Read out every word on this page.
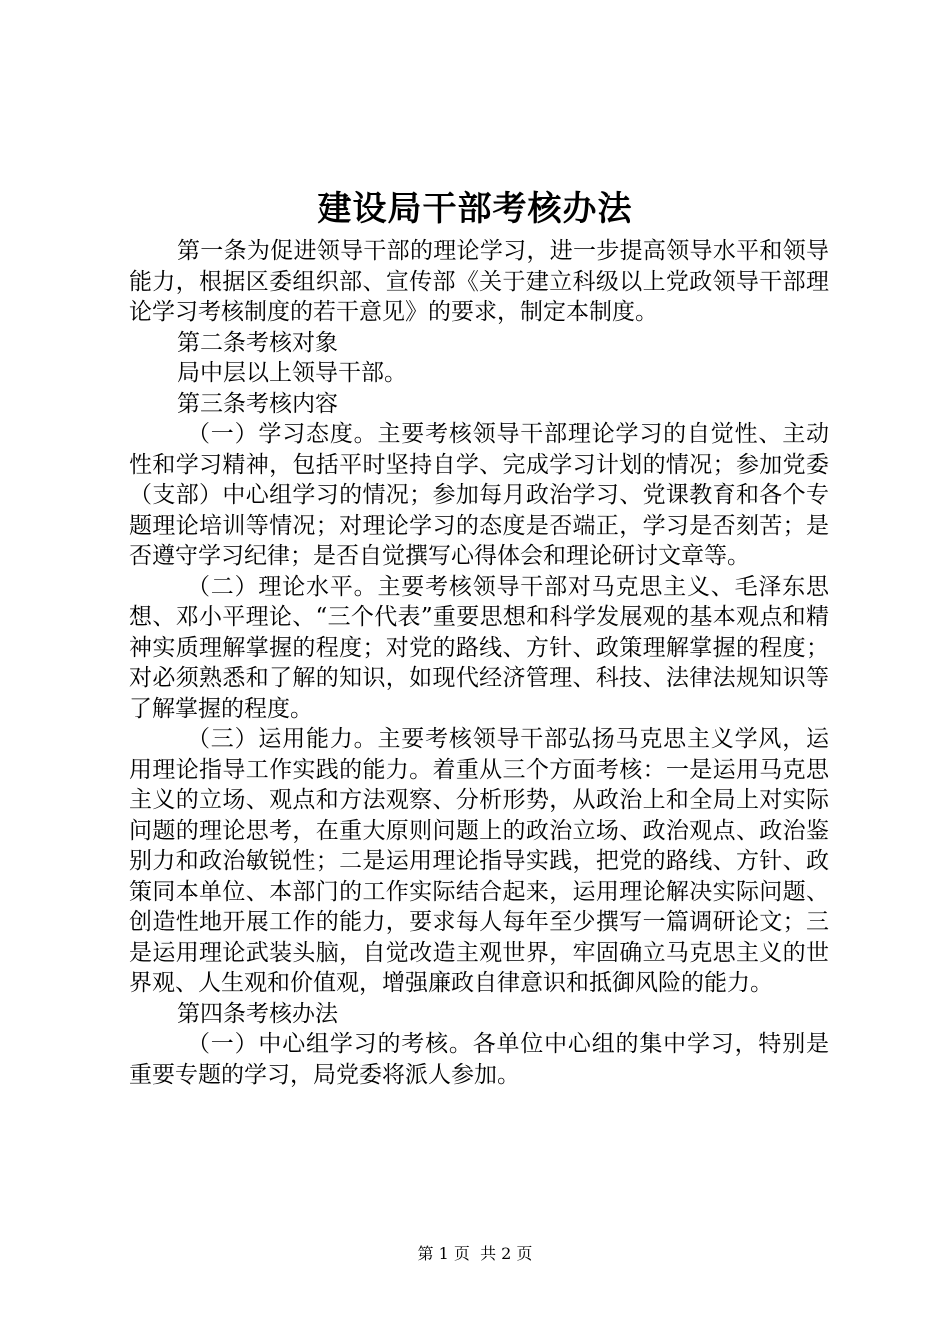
建设局干部考核办法

第一条为促进领导干部的理论学习，进一步提高领导水平和领导能力，根据区委组织部、宣传部《关于建立科级以上党政领导干部理论学习考核制度的若干意见》的要求，制定本制度。

第二条考核对象

局中层以上领导干部。

第三条考核内容

（一）学习态度。主要考核领导干部理论学习的自觉性、主动性和学习精神，包括平时坚持自学、完成学习计划的情况；参加党委（支部）中心组学习的情况；参加每月政治学习、党课教育和各个专题理论培训等情况；对理论学习的态度是否端正，学习是否刻苦；是否遵守学习纪律；是否自觉撰写心得体会和理论研讨文章等。

（二）理论水平。主要考核领导干部对马克思主义、毛泽东思想、邓小平理论、“三个代表”重要思想和科学发展观的基本观点和精神实质理解掌握的程度；对党的路线、方针、政策理解掌握的程度；对必须熟悉和了解的知识，如现代经济管理、科技、法律法规知识等了解掌握的程度。

（三）运用能力。主要考核领导干部弘扬马克思主义学风，运用理论指导工作实践的能力。着重从三个方面考核：一是运用马克思主义的立场、观点和方法观察、分析形势，从政治上和全局上对实际问题的理论思考，在重大原则问题上的政治立场、政治观点、政治鉴别力和政治敏锐性；二是运用理论指导实践，把党的路线、方针、政策同本单位、本部门的工作实际结合起来，运用理论解决实际问题、创造性地开展工作的能力，要求每人每年至少撰写一篇调研论文；三是运用理论武装头脑，自觉改造主观世界，牢固确立马克思主义的世界观、人生观和价值观，增强廉政自律意识和抵御风险的能力。

第四条考核办法

（一）中心组学习的考核。各单位中心组的集中学习，特别是重要专题的学习，局党委将派人参加。

第 1 页 共 2 页
